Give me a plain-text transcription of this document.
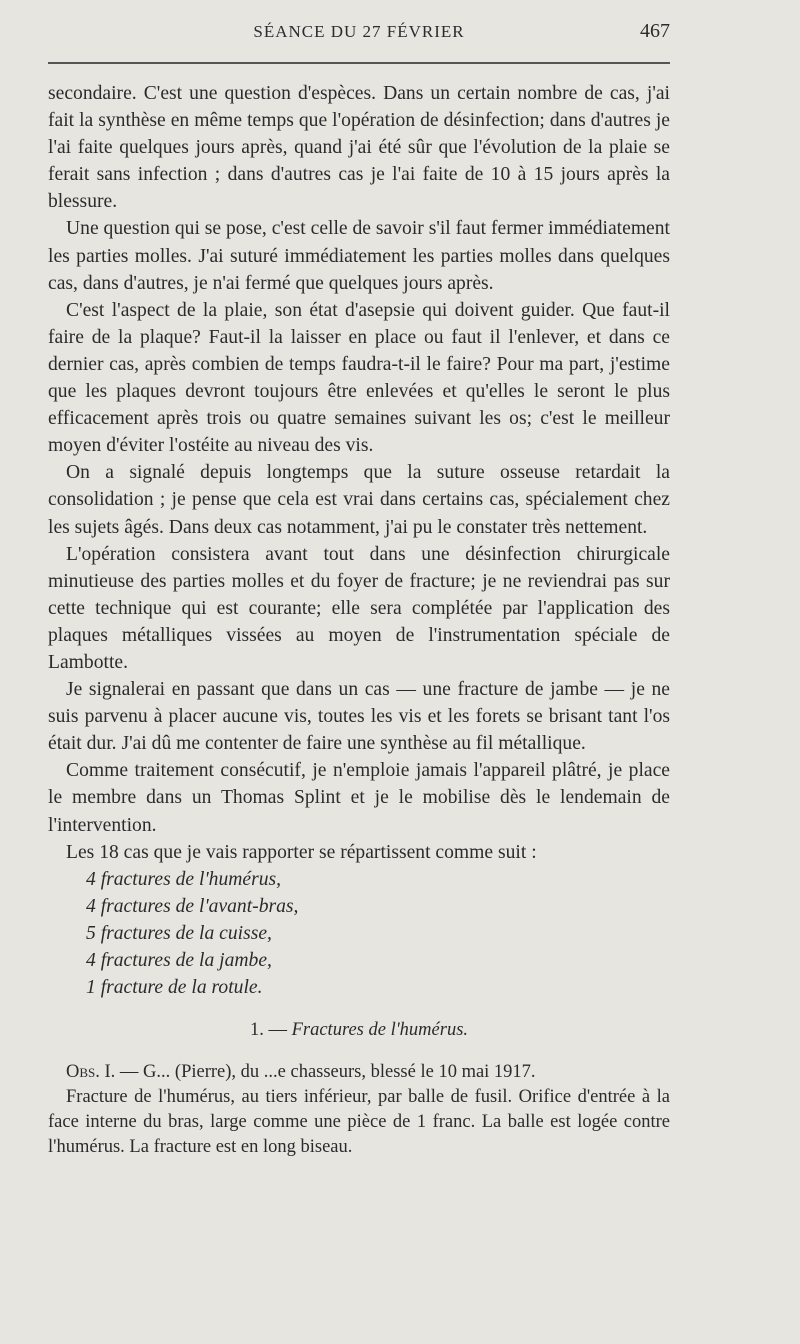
SÉANCE DU 27 FÉVRIER	467

secondaire. C'est une question d'espèces. Dans un certain nombre de cas, j'ai fait la synthèse en même temps que l'opération de désinfection; dans d'autres je l'ai faite quelques jours après, quand j'ai été sûr que l'évolution de la plaie se ferait sans infection ; dans d'autres cas je l'ai faite de 10 à 15 jours après la blessure.

Une question qui se pose, c'est celle de savoir s'il faut fermer immédiatement les parties molles. J'ai suturé immédiatement les parties molles dans quelques cas, dans d'autres, je n'ai fermé que quelques jours après.

C'est l'aspect de la plaie, son état d'asepsie qui doivent guider. Que faut-il faire de la plaque? Faut-il la laisser en place ou faut il l'enlever, et dans ce dernier cas, après combien de temps faudra-t-il le faire? Pour ma part, j'estime que les plaques devront toujours être enlevées et qu'elles le seront le plus efficacement après trois ou quatre semaines suivant les os; c'est le meilleur moyen d'éviter l'ostéite au niveau des vis.

On a signalé depuis longtemps que la suture osseuse retardait la consolidation ; je pense que cela est vrai dans certains cas, spécialement chez les sujets âgés. Dans deux cas notamment, j'ai pu le constater très nettement.

L'opération consistera avant tout dans une désinfection chirurgicale minutieuse des parties molles et du foyer de fracture; je ne reviendrai pas sur cette technique qui est courante; elle sera complétée par l'application des plaques métalliques vissées au moyen de l'instrumentation spéciale de Lambotte.

Je signalerai en passant que dans un cas — une fracture de jambe — je ne suis parvenu à placer aucune vis, toutes les vis et les forets se brisant tant l'os était dur. J'ai dû me contenter de faire une synthèse au fil métallique.

Comme traitement consécutif, je n'emploie jamais l'appareil plâtré, je place le membre dans un Thomas Splint et je le mobilise dès le lendemain de l'intervention.

Les 18 cas que je vais rapporter se répartissent comme suit :

4 fractures de l'humérus,
4 fractures de l'avant-bras,
5 fractures de la cuisse,
4 fractures de la jambe,
1 fracture de la rotule.
1. — Fractures de l'humérus.

Obs. I. — G... (Pierre), du ...e chasseurs, blessé le 10 mai 1917.

Fracture de l'humérus, au tiers inférieur, par balle de fusil. Orifice d'entrée à la face interne du bras, large comme une pièce de 1 franc. La balle est logée contre l'humérus. La fracture est en long biseau.
